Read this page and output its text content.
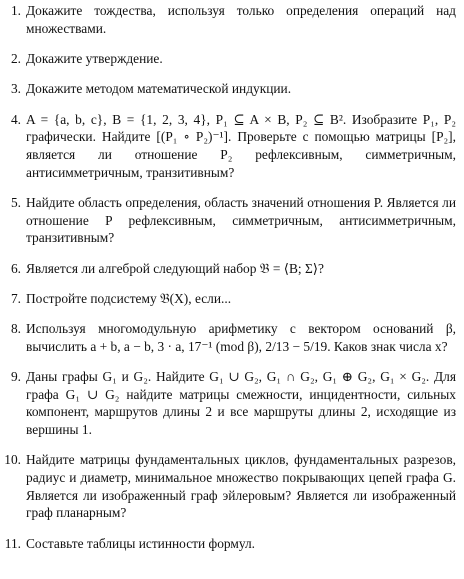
1. Докажите тождества, используя только определения операций над множествами.
2. Докажите утверждение.
3. Докажите методом математической индукции.
4. A = {a, b, c}, B = {1, 2, 3, 4}, P₁ ⊆ A × B, P₂ ⊆ B². Изобразите P₁, P₂ графически. Найдите [(P₁ ∘ P₂)⁻¹]. Проверьте с помощью матрицы [P₂], является ли отношение P₂ рефлексивным, симметричным, антисимметричным, транзитивным?
5. Найдите область определения, область значений отношения P. Является ли отношение P рефлексивным, симметричным, антисимметричным, транзитивным?
6. Является ли алгеброй следующий набор 𝔅 = ⟨B; Σ⟩?
7. Постройте подсистему 𝔅(X), если...
8. Используя многомодульную арифметику с вектором оснований β, вычислить a + b, a − b, 3 · a, 17⁻¹ (mod β), 2/13 − 5/19. Каков знак числа x?
9. Даны графы G₁ и G₂. Найдите G₁ ∪ G₂, G₁ ∩ G₂, G₁ ⊕ G₂, G₁ × G₂. Для графа G₁ ∪ G₂ найдите матрицы смежности, инцидентности, сильных компонент, маршрутов длины 2 и все маршруты длины 2, исходящие из вершины 1.
10. Найдите матрицы фундаментальных циклов, фундаментальных разрезов, радиус и диаметр, минимальное множество покрывающих цепей графа G. Является ли изображенный граф эйлеровым? Является ли изображенный граф планарным?
11. Составьте таблицы истинности формул.
